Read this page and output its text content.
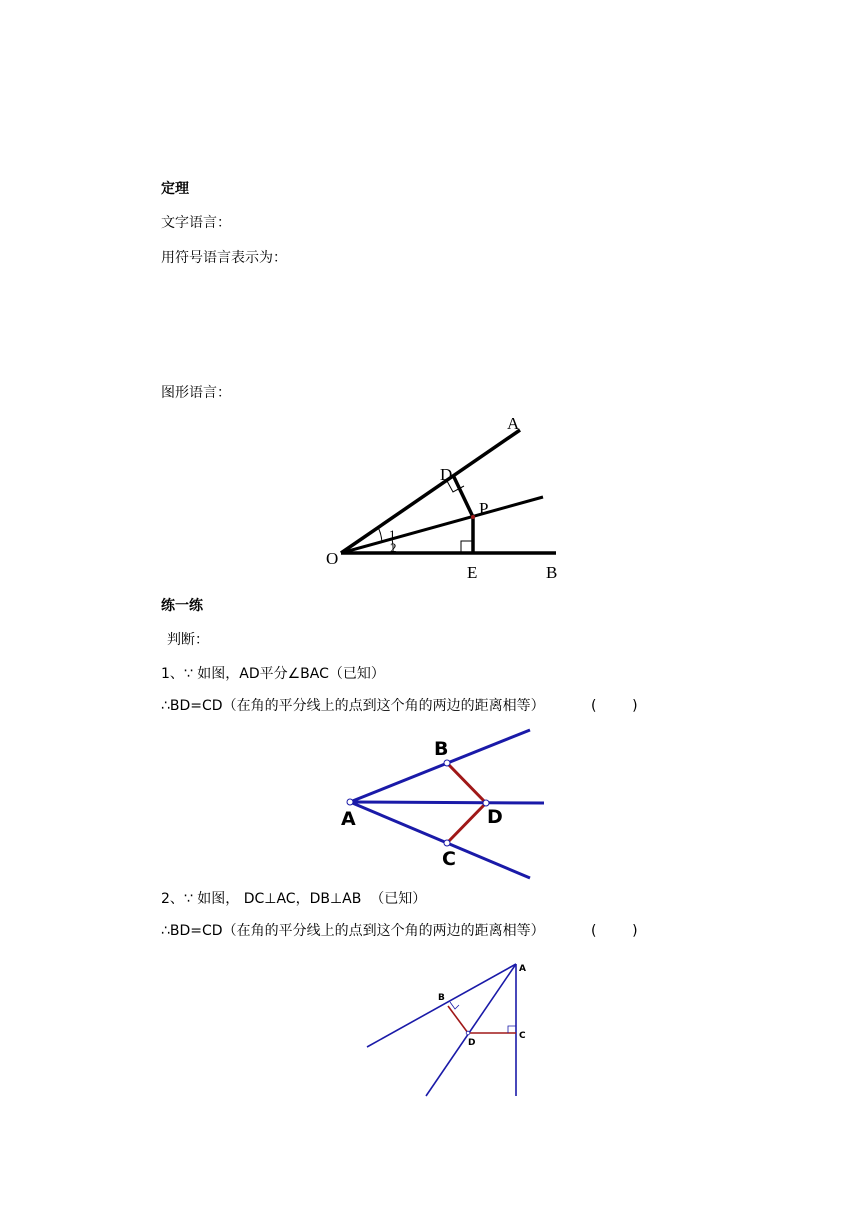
定理
文字语言：
用符号语言表示为：
图形语言：
A
D
P
O
1
2
E	B
练一练
判断：
1、∵ 如图，AD平分∠BAC（已知）
∴BD=CD（在角的平分线上的点到这个角的两边的距离相等）	(        )
B
A	D
C
2、∵ 如图， DC⊥AC，DB⊥AB  （已知）
∴BD=CD（在角的平分线上的点到这个角的两边的距离相等）	(        )
A
B
C
D
